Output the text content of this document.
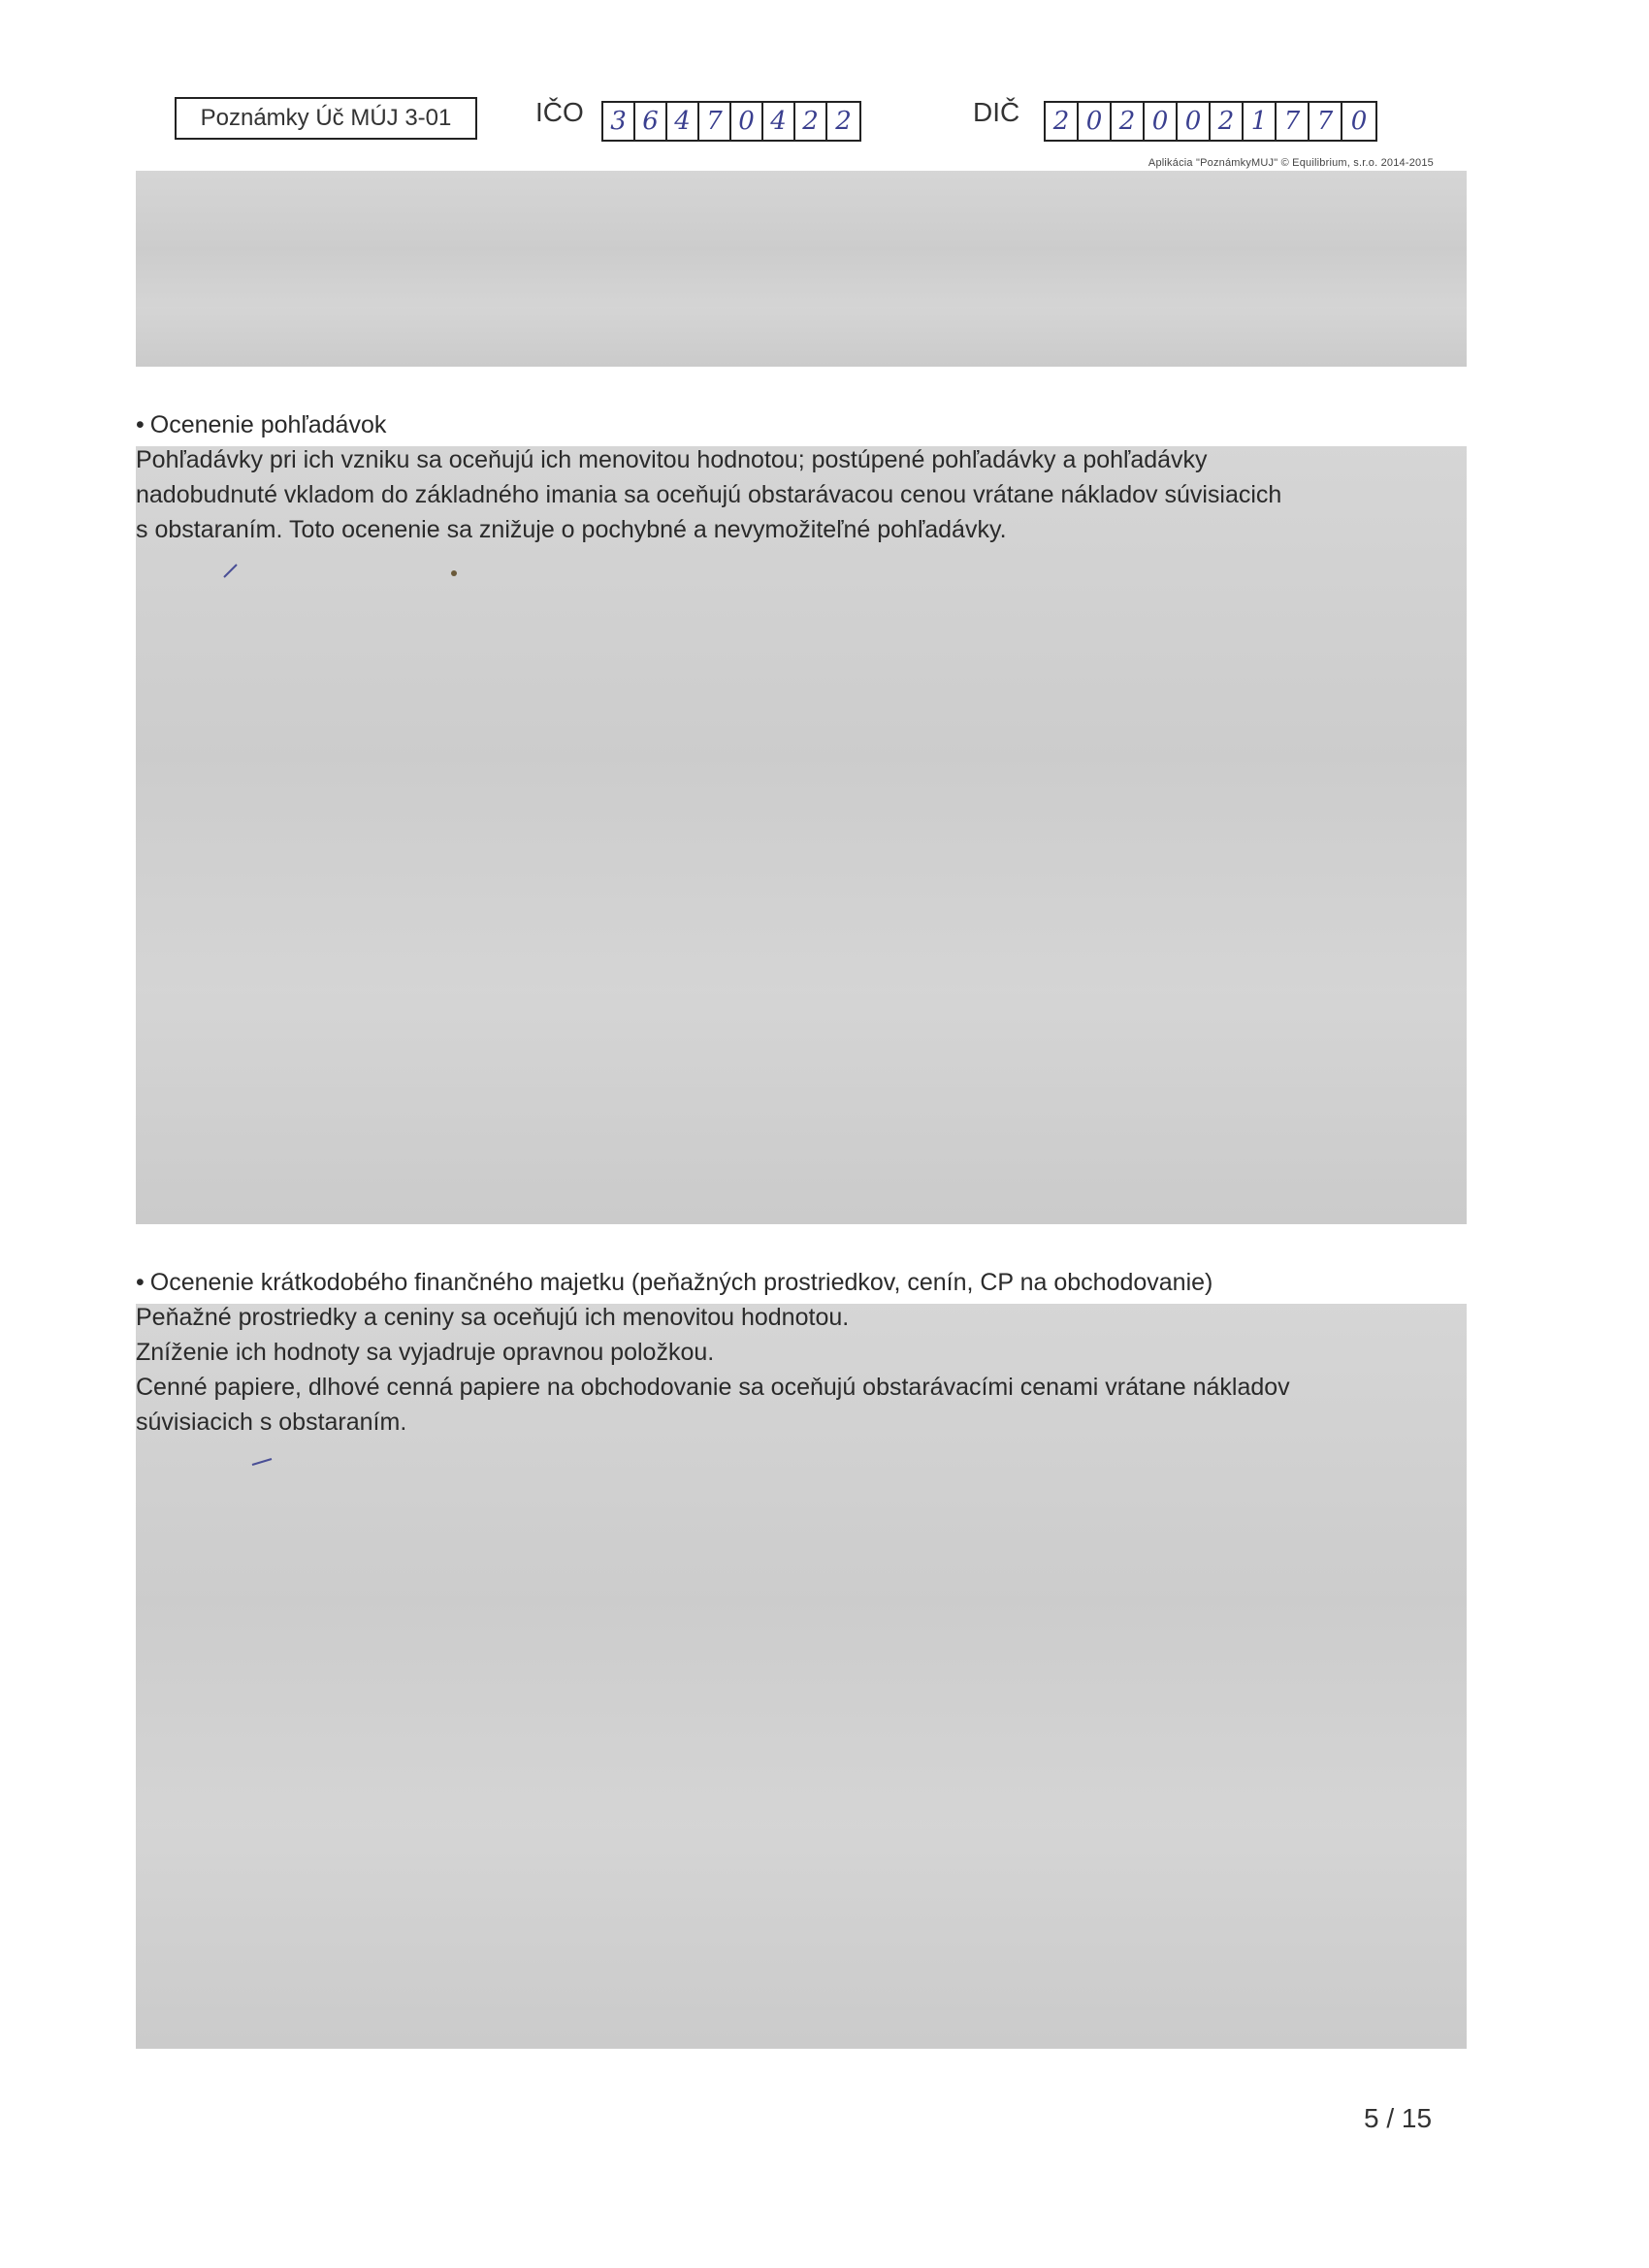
Poznámky Úč MÚJ 3-01	IČO 3 6 4 7 0 4 2 2	DIČ 2 0 2 0 0 2 1 7 7 0
Aplikácia "PoznámkyMUJ" © Equilibrium, s.r.o. 2014-2015

• Ocenenie pohľadávok

Pohľadávky pri ich vzniku sa oceňujú ich menovitou hodnotou; postúpené pohľadávky a pohľadávky

nadobudnuté vkladom do základného imania sa oceňujú obstarávacou cenou vrátane nákladov súvisiacich

s obstaraním. Toto ocenenie sa znižuje o pochybné a nevymožiteľné pohľadávky.

• Ocenenie krátkodobého finančného majetku (peňažných prostriedkov, cenín, CP na obchodovanie)

Peňažné prostriedky a ceniny sa oceňujú ich menovitou hodnotou.

Zníženie ich hodnoty sa vyjadruje opravnou položkou.

Cenné papiere, dlhové cenná papiere na obchodovanie sa oceňujú obstarávacími cenami vrátane nákladov

súvisiacich s obstaraním.

5 / 15
